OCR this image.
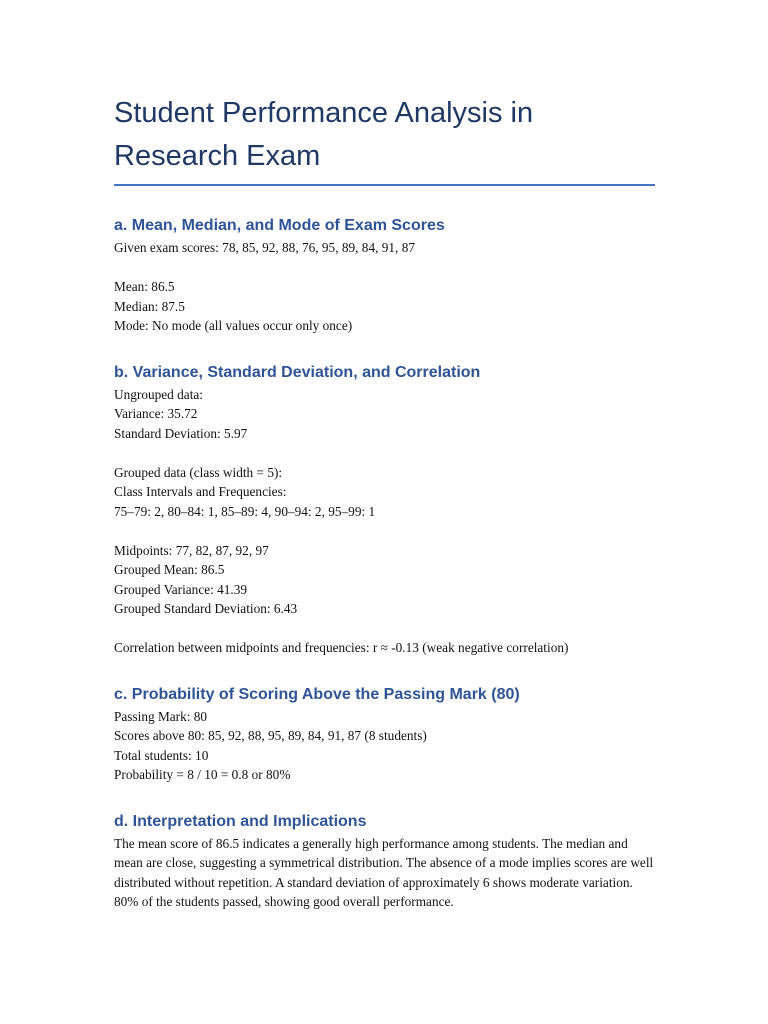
Student Performance Analysis in Research Exam
a. Mean, Median, and Mode of Exam Scores

Given exam scores: 78, 85, 92, 88, 76, 95, 89, 84, 91, 87

Mean: 86.5

Median: 87.5

Mode: No mode (all values occur only once)

b. Variance, Standard Deviation, and Correlation

Ungrouped data:

Variance: 35.72

Standard Deviation: 5.97

Grouped data (class width = 5):

Class Intervals and Frequencies:

75–79: 2, 80–84: 1, 85–89: 4, 90–94: 2, 95–99: 1

Midpoints: 77, 82, 87, 92, 97

Grouped Mean: 86.5

Grouped Variance: 41.39

Grouped Standard Deviation: 6.43

Correlation between midpoints and frequencies: r ≈ -0.13 (weak negative correlation)

c. Probability of Scoring Above the Passing Mark (80)

Passing Mark: 80

Scores above 80: 85, 92, 88, 95, 89, 84, 91, 87 (8 students)

Total students: 10

Probability = 8 / 10 = 0.8 or 80%

d. Interpretation and Implications

The mean score of 86.5 indicates a generally high performance among students. The median and mean are close, suggesting a symmetrical distribution. The absence of a mode implies scores are well distributed without repetition. A standard deviation of approximately 6 shows moderate variation. 80% of the students passed, showing good overall performance.
